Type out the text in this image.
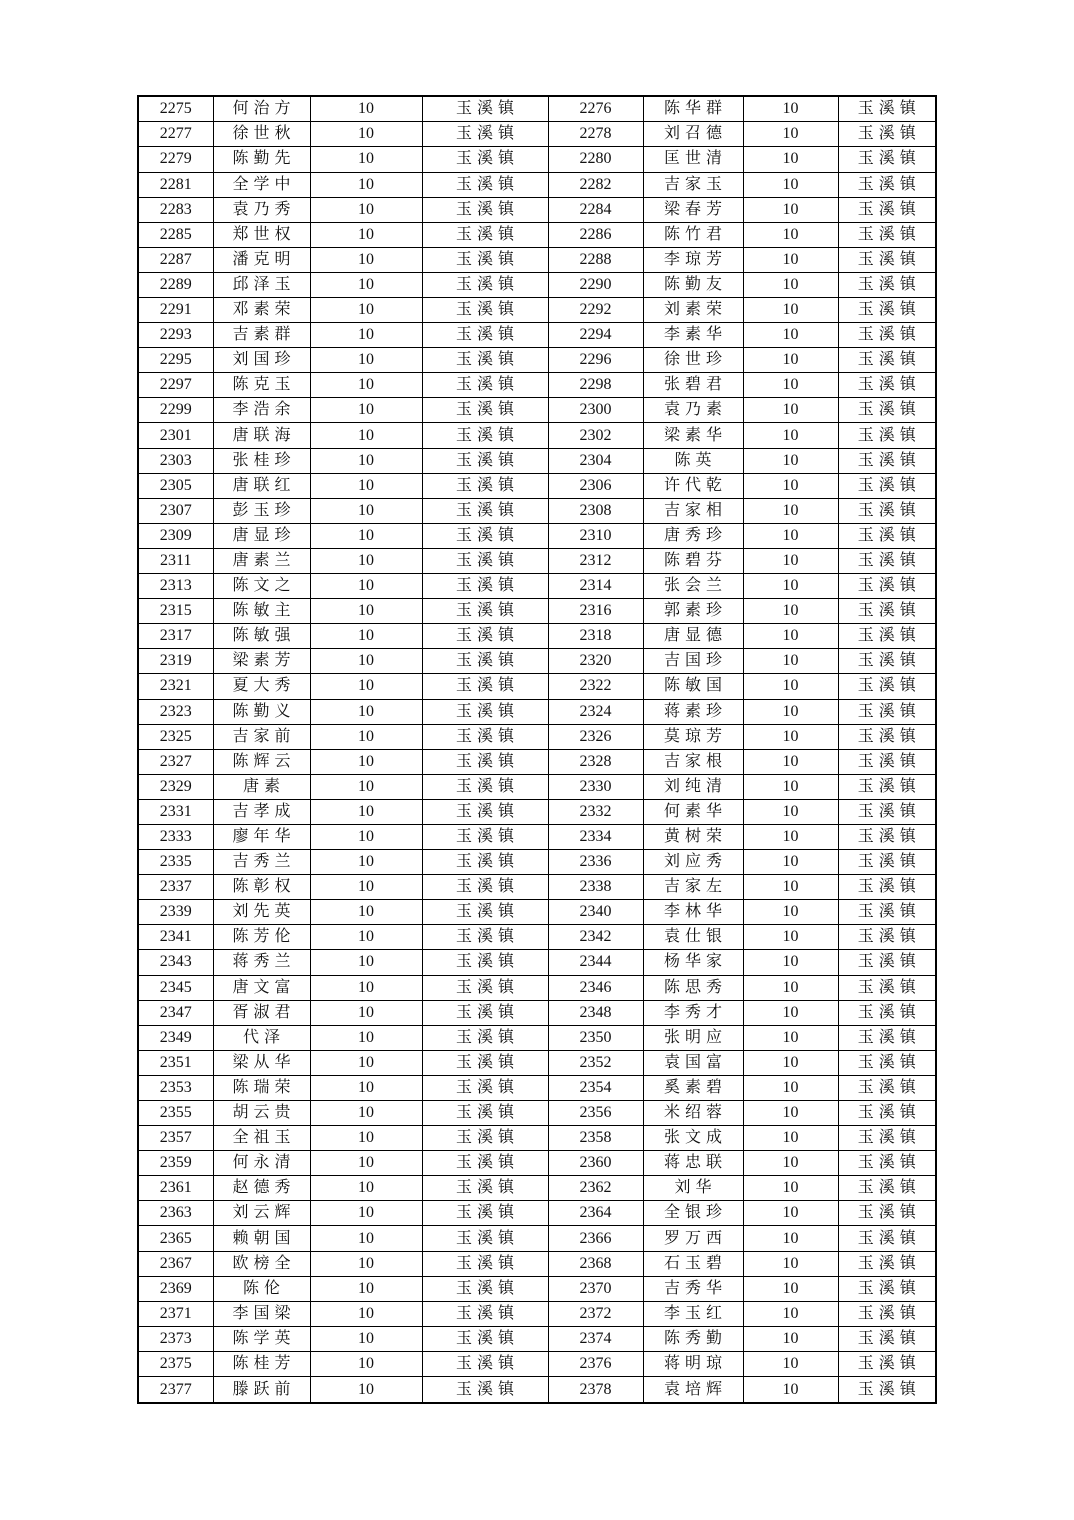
2275	何治方	10	玉溪镇	2276	陈华群	10	玉溪镇
2277	徐世秋	10	玉溪镇	2278	刘召德	10	玉溪镇
2279	陈勤先	10	玉溪镇	2280	匡世清	10	玉溪镇
2281	全学中	10	玉溪镇	2282	吉家玉	10	玉溪镇
2283	袁乃秀	10	玉溪镇	2284	梁春芳	10	玉溪镇
2285	郑世权	10	玉溪镇	2286	陈竹君	10	玉溪镇
2287	潘克明	10	玉溪镇	2288	李琼芳	10	玉溪镇
2289	邱泽玉	10	玉溪镇	2290	陈勤友	10	玉溪镇
2291	邓素荣	10	玉溪镇	2292	刘素荣	10	玉溪镇
2293	吉素群	10	玉溪镇	2294	李素华	10	玉溪镇
2295	刘国珍	10	玉溪镇	2296	徐世珍	10	玉溪镇
2297	陈克玉	10	玉溪镇	2298	张碧君	10	玉溪镇
2299	李浩余	10	玉溪镇	2300	袁乃素	10	玉溪镇
2301	唐联海	10	玉溪镇	2302	梁素华	10	玉溪镇
2303	张桂珍	10	玉溪镇	2304	陈英	10	玉溪镇
2305	唐联红	10	玉溪镇	2306	许代乾	10	玉溪镇
2307	彭玉珍	10	玉溪镇	2308	吉家相	10	玉溪镇
2309	唐显珍	10	玉溪镇	2310	唐秀珍	10	玉溪镇
2311	唐素兰	10	玉溪镇	2312	陈碧芬	10	玉溪镇
2313	陈文之	10	玉溪镇	2314	张会兰	10	玉溪镇
2315	陈敏主	10	玉溪镇	2316	郭素珍	10	玉溪镇
2317	陈敏强	10	玉溪镇	2318	唐显德	10	玉溪镇
2319	梁素芳	10	玉溪镇	2320	吉国珍	10	玉溪镇
2321	夏大秀	10	玉溪镇	2322	陈敏国	10	玉溪镇
2323	陈勤义	10	玉溪镇	2324	蒋素珍	10	玉溪镇
2325	吉家前	10	玉溪镇	2326	莫琼芳	10	玉溪镇
2327	陈辉云	10	玉溪镇	2328	吉家根	10	玉溪镇
2329	唐素	10	玉溪镇	2330	刘纯清	10	玉溪镇
2331	吉孝成	10	玉溪镇	2332	何素华	10	玉溪镇
2333	廖年华	10	玉溪镇	2334	黄树荣	10	玉溪镇
2335	吉秀兰	10	玉溪镇	2336	刘应秀	10	玉溪镇
2337	陈彰权	10	玉溪镇	2338	吉家左	10	玉溪镇
2339	刘先英	10	玉溪镇	2340	李林华	10	玉溪镇
2341	陈芳伦	10	玉溪镇	2342	袁仕银	10	玉溪镇
2343	蒋秀兰	10	玉溪镇	2344	杨华家	10	玉溪镇
2345	唐文富	10	玉溪镇	2346	陈思秀	10	玉溪镇
2347	胥淑君	10	玉溪镇	2348	李秀才	10	玉溪镇
2349	代泽	10	玉溪镇	2350	张明应	10	玉溪镇
2351	梁从华	10	玉溪镇	2352	袁国富	10	玉溪镇
2353	陈瑞荣	10	玉溪镇	2354	奚素碧	10	玉溪镇
2355	胡云贵	10	玉溪镇	2356	米绍蓉	10	玉溪镇
2357	全祖玉	10	玉溪镇	2358	张文成	10	玉溪镇
2359	何永清	10	玉溪镇	2360	蒋忠联	10	玉溪镇
2361	赵德秀	10	玉溪镇	2362	刘华	10	玉溪镇
2363	刘云辉	10	玉溪镇	2364	全银珍	10	玉溪镇
2365	赖朝国	10	玉溪镇	2366	罗万西	10	玉溪镇
2367	欧榜全	10	玉溪镇	2368	石玉碧	10	玉溪镇
2369	陈伦	10	玉溪镇	2370	吉秀华	10	玉溪镇
2371	李国梁	10	玉溪镇	2372	李玉红	10	玉溪镇
2373	陈学英	10	玉溪镇	2374	陈秀勤	10	玉溪镇
2375	陈桂芳	10	玉溪镇	2376	蒋明琼	10	玉溪镇
2377	滕跃前	10	玉溪镇	2378	袁培辉	10	玉溪镇
